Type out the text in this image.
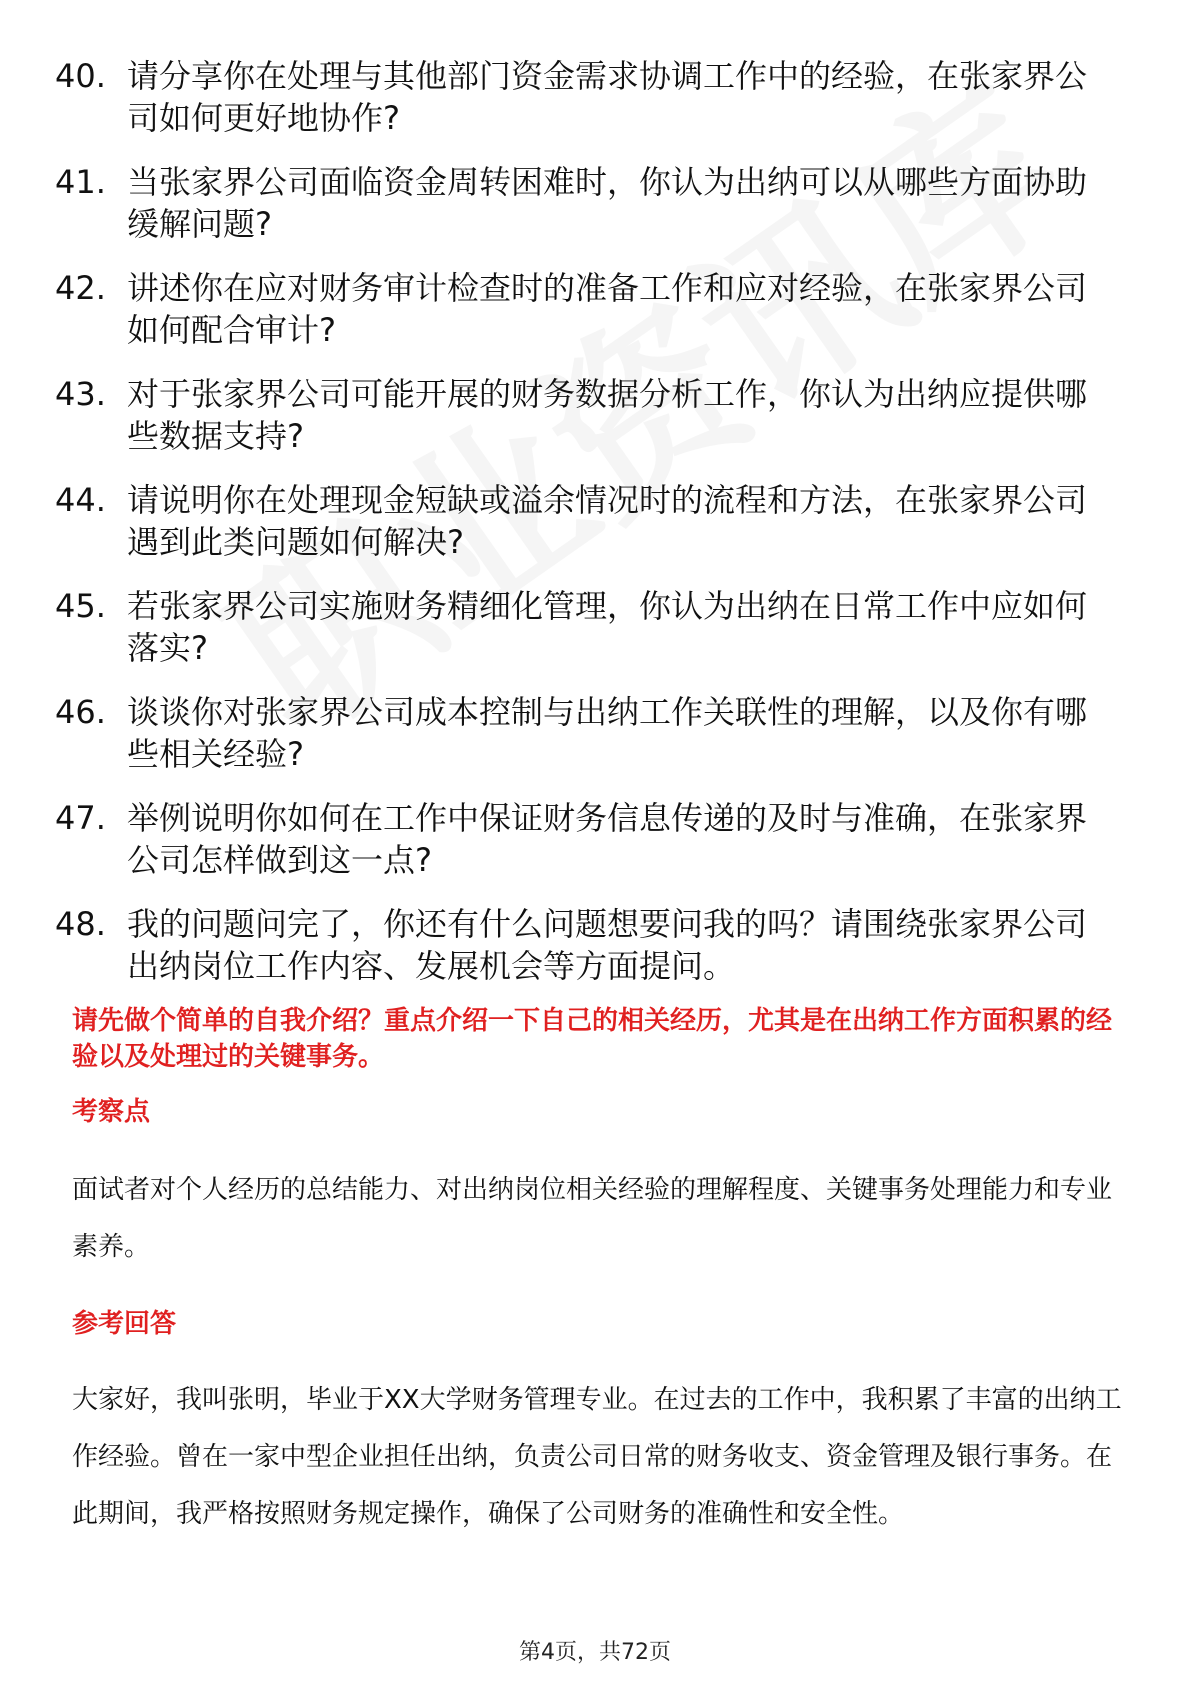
40. 请分享你在处理与其他部门资金需求协调工作中的经验，在张家界公司如何更好地协作?
41. 当张家界公司面临资金周转困难时，你认为出纳可以从哪些方面协助缓解问题?
42. 讲述你在应对财务审计检查时的准备工作和应对经验，在张家界公司如何配合审计?
43. 对于张家界公司可能开展的财务数据分析工作，你认为出纳应提供哪些数据支持?
44. 请说明你在处理现金短缺或溢余情况时的流程和方法，在张家界公司遇到此类问题如何解决?
45. 若张家界公司实施财务精细化管理，你认为出纳在日常工作中应如何落实?
46. 谈谈你对张家界公司成本控制与出纳工作关联性的理解，以及你有哪些相关经验?
47. 举例说明你如何在工作中保证财务信息传递的及时与准确，在张家界公司怎样做到这一点?
48. 我的问题问完了，你还有什么问题想要问我的吗？请围绕张家界公司出纳岗位工作内容、发展机会等方面提问。
请先做个简单的自我介绍？重点介绍一下自己的相关经历，尤其是在出纳工作方面积累的经验以及处理过的关键事务。
考察点
面试者对个人经历的总结能力、对出纳岗位相关经验的理解程度、关键事务处理能力和专业素养。
参考回答
大家好，我叫张明，毕业于XX大学财务管理专业。在过去的工作中，我积累了丰富的出纳工作经验。曾在一家中型企业担任出纳，负责公司日常的财务收支、资金管理及银行事务。在此期间，我严格按照财务规定操作，确保了公司财务的准确性和安全性。
第4页，共72页
